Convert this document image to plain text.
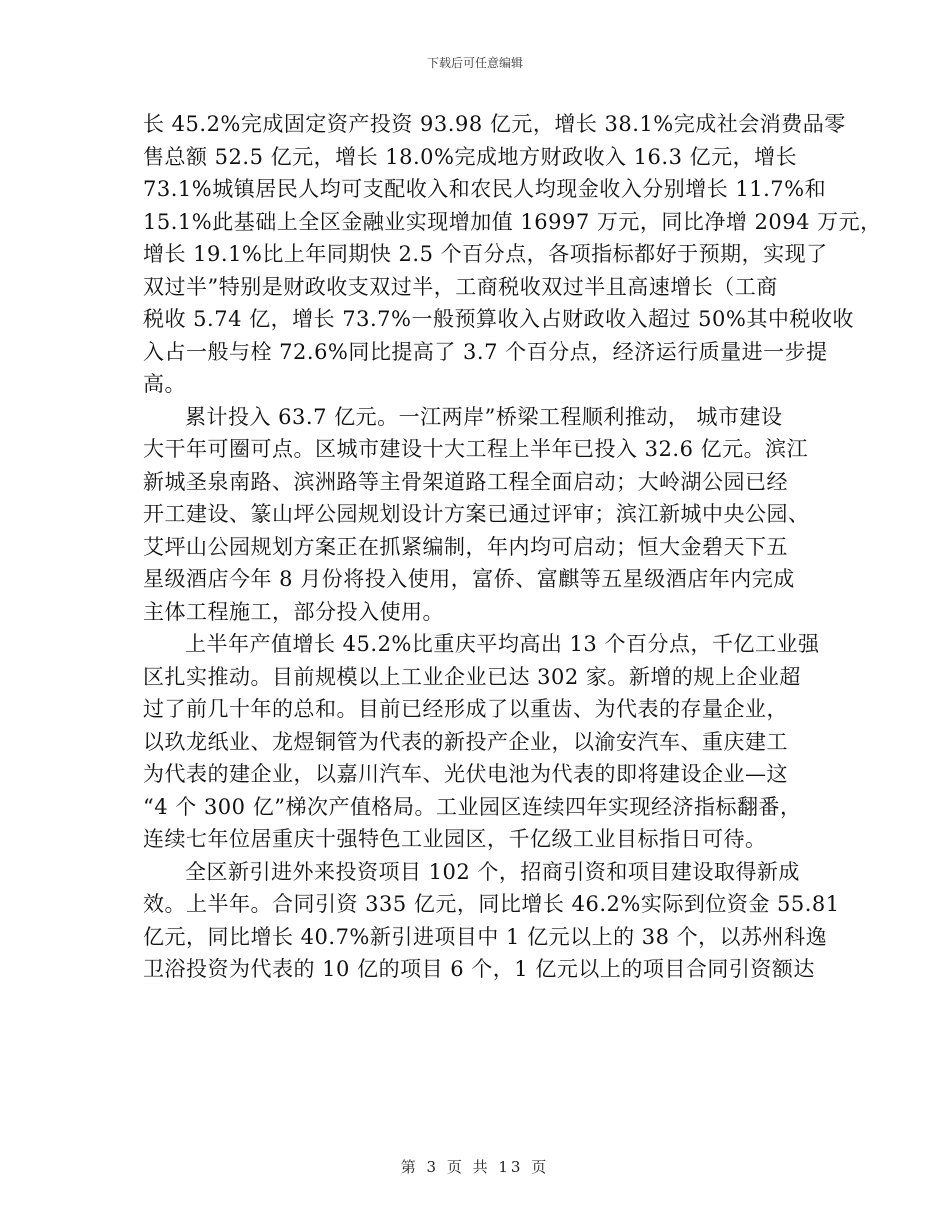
下载后可任意编辑
长 45.2%完成固定资产投资 93.98 亿元，增长 38.1%完成社会消费品零
售总额 52.5 亿元，增长 18.0%完成地方财政收入 16.3 亿元，增长
73.1%城镇居民人均可支配收入和农民人均现金收入分别增长 11.7%和
15.1%此基础上全区金融业实现增加值 16997 万元，同比净增 2094 万元，
增长 19.1%比上年同期快 2.5 个百分点，各项指标都好于预期，实现了
双过半”特别是财政收支双过半，工商税收双过半且高速增长（工商
税收 5.74 亿，增长 73.7%一般预算收入占财政收入超过 50%其中税收收
入占一般与栓 72.6%同比提高了 3.7 个百分点，经济运行质量进一步提
高。
累计投入 63.7 亿元。一江两岸”桥梁工程顺利推动， 城市建设
大干年可圈可点。区城市建设十大工程上半年已投入 32.6 亿元。滨江
新城圣泉南路、滨洲路等主骨架道路工程全面启动；大岭湖公园已经
开工建设、篆山坪公园规划设计方案已通过评审；滨江新城中央公园、
艾坪山公园规划方案正在抓紧编制，年内均可启动；恒大金碧天下五
星级酒店今年 8 月份将投入使用，富侨、富麒等五星级酒店年内完成
主体工程施工，部分投入使用。
上半年产值增长 45.2%比重庆平均高出 13 个百分点，千亿工业强
区扎实推动。目前规模以上工业企业已达 302 家。新增的规上企业超
过了前几十年的总和。目前已经形成了以重齿、为代表的存量企业，
以玖龙纸业、龙煜铜管为代表的新投产企业，以渝安汽车、重庆建工
为代表的建企业，以嘉川汽车、光伏电池为代表的即将建设企业—这
“4 个 300 亿”梯次产值格局。工业园区连续四年实现经济指标翻番，
连续七年位居重庆十强特色工业园区，千亿级工业目标指日可待。
全区新引进外来投资项目 102 个，招商引资和项目建设取得新成
效。上半年。合同引资 335 亿元，同比增长 46.2%实际到位资金 55.81
亿元，同比增长 40.7%新引进项目中 1 亿元以上的 38 个，以苏州科逸
卫浴投资为代表的 10 亿的项目 6 个，1 亿元以上的项目合同引资额达
第 3 页 共 13 页
